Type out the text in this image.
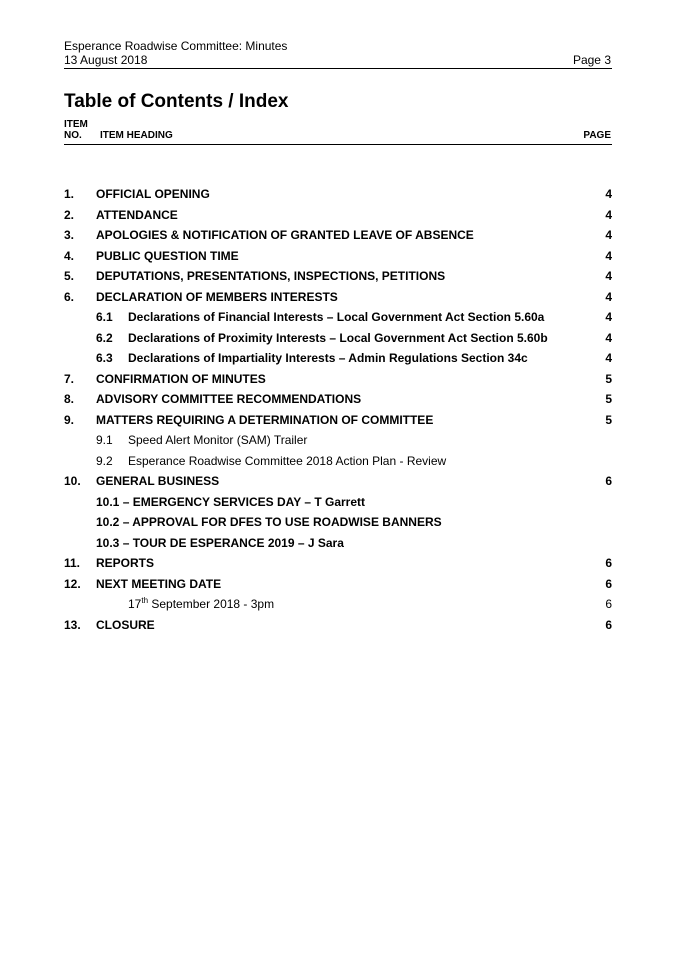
Esperance Roadwise Committee: Minutes
13 August 2018	Page 3
Table of Contents / Index
ITEM
NO.	ITEM HEADING	PAGE
1. OFFICIAL OPENING	4
2. ATTENDANCE	4
3. APOLOGIES & NOTIFICATION OF GRANTED LEAVE OF ABSENCE	4
4. PUBLIC QUESTION TIME	4
5. DEPUTATIONS, PRESENTATIONS, INSPECTIONS, PETITIONS	4
6. DECLARATION OF MEMBERS INTERESTS	4
6.1 Declarations of Financial Interests – Local Government Act Section 5.60a	4
6.2 Declarations of Proximity Interests – Local Government Act Section 5.60b	4
6.3 Declarations of Impartiality Interests – Admin Regulations Section 34c	4
7. CONFIRMATION OF MINUTES	5
8. ADVISORY COMMITTEE RECOMMENDATIONS	5
9. MATTERS REQUIRING A DETERMINATION OF COMMITTEE	5
9.1 Speed Alert Monitor (SAM) Trailer
9.2 Esperance Roadwise Committee 2018 Action Plan - Review
10. GENERAL BUSINESS	6
10.1 – EMERGENCY SERVICES DAY – T Garrett
10.2 – APPROVAL FOR DFES TO USE ROADWISE BANNERS
10.3 – TOUR DE ESPERANCE 2019 – J Sara
11. REPORTS	6
12. NEXT MEETING DATE	6
17th September 2018 - 3pm	6
13. CLOSURE	6
